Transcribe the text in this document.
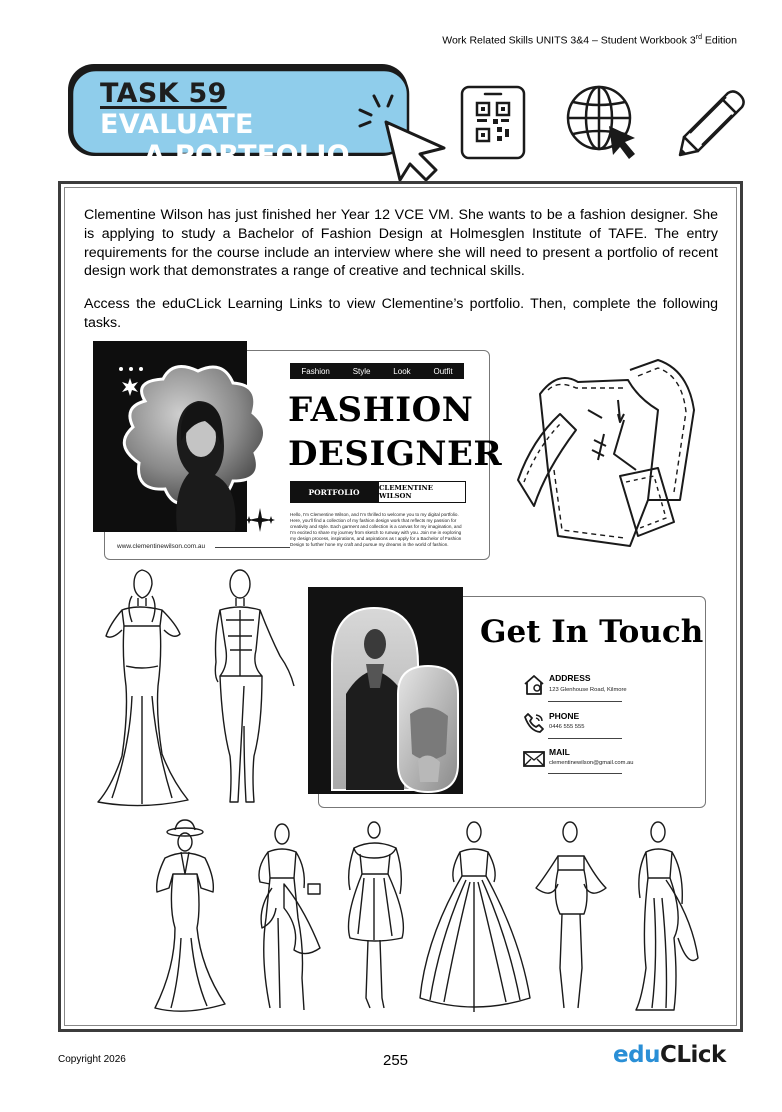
Work Related Skills UNITS 3&4 – Student Workbook 3rd Edition
TASK 59 EVALUATE
A PORTFOLIO

Clementine Wilson has just finished her Year 12 VCE VM. She wants to be a fashion designer. She is applying to study a Bachelor of Fashion Design at Holmesglen Institute of TAFE. The entry requirements for the course include an interview where she will need to present a portfolio of recent design work that demonstrates a range of creative and technical skills.

Access the eduCLick Learning Links to view Clementine’s portfolio. Then, complete the following tasks.

Fashion	Style	Look	Outfit
FASHION
DESIGNER
PORTFOLIO	CLEMENTINE WILSON
Hello, I'm Clementine Wilson, and I'm thrilled to welcome you to my digital portfolio. Here, you'll find a collection of my fashion design work that reflects my passion for creativity and style. Each garment and collection is a canvas for my imagination, and I'm excited to share my journey from sketch to runway with you. Join me in exploring my design process, inspirations, and aspirations as I apply for a Bachelor of Fashion Design to further hone my craft and pursue my dreams in the world of fashion.
www.clementinewilson.com.au
Get In Touch
ADDRESS
123 Glenhouse Road, Kilmore
PHONE
0446 555 555
MAIL
clementinewilson@gmail.com.au
Copyright 2026	255	eduCLick
